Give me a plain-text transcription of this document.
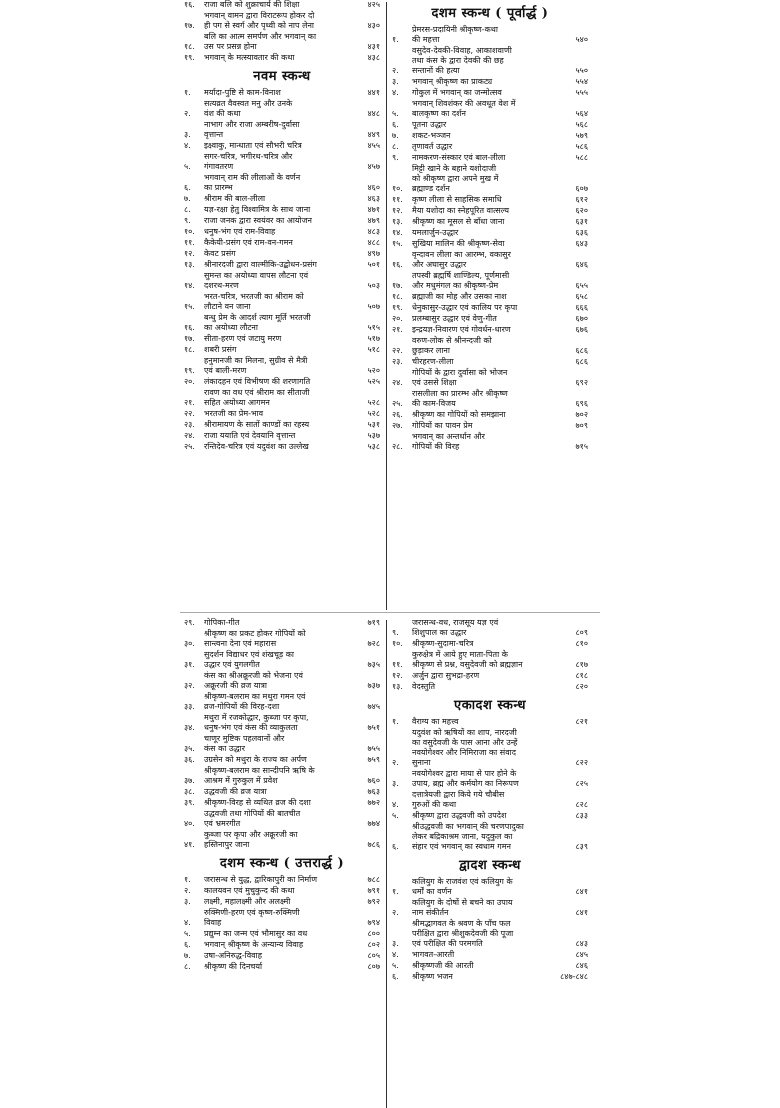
१६.	राजा बलि को शुक्राचार्य की शिक्षा	४२५
१७.
भगवान् वामन द्वारा विराटरूप होकर दो
ही पग से स्वर्ग और पृथ्वी को नाप लेना	४३०
१८.
बलि का आत्म समर्पण और भगवान् का
उस पर प्रसन्न होना	४३१
१९.	भगवान् के मत्स्यावतार की कथा	४३८
नवम स्कन्ध
१.	मर्यादा-पुष्टि से काम-विनाश	४४१
२.
सत्यव्रत वैवस्वत मनु और उनके
वंश की कथा	४४८
३.
नाभाग और राजा अम्बरीष-दुर्वासा
वृत्तान्त	४४९
४.	इक्ष्वाकु, मान्धाता एवं सौभरी चरित्र	४५५
५.
सगर-चरित्र, भगीरथ-चरित्र और
गंगावतरण	४५७
६.
भगवान् राम की लीलाओं के वर्णन
का प्रारम्भ	४६०
७.	श्रीराम की बाल-लीला	४६३
८.	यज्ञ-रक्षा हेतु विश्वामित्र के साथ जाना	४७१
९.	राजा जनक द्वारा स्वयंवर का आयोजन	४७९
१०.	धनुष-भंग एवं राम-विवाह	४८३
११.	कैकेयी-प्रसंग एवं राम-वन-गमन	४८८
१२.	केवट प्रसंग	४९७
१३.	श्रीनारदजी द्वारा वाल्मीकि-उद्बोधन-प्रसंग	५०१
१४.
सुमन्त का अयोध्या वापस लौटना एवं
दशरथ-मरण	५०३
१५.
भरत-चरित्र, भरतजी का श्रीराम को
लौटाने वन जाना	५०७
१६.
बन्धु प्रेम के आदर्श त्याग मूर्ति भरतजी
का अयोध्या लौटना	५१५
१७.	सीता-हरण एवं जटायु मरण	५१७
१८.	शबरी प्रसंग	५१८
१९.
हनुमानजी का मिलना, सुग्रीव से मैत्री
एवं बाली-मरण	५२०
२०.	लंकादहन एवं विभीषण की शरणागति	५२५
२१.
रावण का वध एवं श्रीराम का सीताजी
सहित अयोध्या आगमन	५२८
२२.	भरतजी का प्रेम-भाव	५२८
२३.	श्रीरामायण के सातों काण्डों का रहस्य	५३१
२४.	राजा ययाति एवं देवयानि वृत्तान्त	५३७
२५.	रन्तिदेव-चरित्र एवं यदुवंश का उल्लेख	५३८
दशम स्कन्ध ( पूर्वार्द्ध )
१.
प्रेमरस-प्रदायिनी श्रीकृष्ण-कथा
की महत्ता	५४०
२.
वसुदेव-देवकी-विवाह, आकाशवाणी
तथा कंस के द्वारा देवकी की छह
सन्तानों की हत्या	५५०
३.	भगवान् श्रीकृष्ण का प्राकट्य	५५४
४.	गोकुल में भगवान् का जन्मोत्सव	५५५
५.
भगवान् शिवशंकर की अवधूत वेश में
बालकृष्ण का दर्शन	५६४
६.	पूतना उद्धार	५६८
७.	शकट-भञ्जन	५७९
८.	तृणावर्त उद्धार	५८६
९.	नामकरण-संस्कार एवं बाल-लीला	५८८
१०.
मिट्टी खाने के बहाने यशोदाजी
को श्रीकृष्ण द्वारा अपने मुख में
ब्रह्माण्ड दर्शन	६०७
११.	कृष्ण लीला से साहसिक समाधि	६१२
१२.	मैया यशोदा का स्नेहपूरित वात्सल्य	६२०
१३.	श्रीकृष्ण का मूसल से बाँधा जाना	६३१
१४.	यमलार्जुन-उद्धार	६३६
१५.	सुखिया मालिन की श्रीकृष्ण-सेवा	६४३
१६.
वृन्दावन लीला का आरम्भ, वकासुर
और अघासुर उद्धार	६४६
१७.
तपस्वी ब्रह्मर्षि शाण्डिल्य, पूर्णमासी
और मधुमंगल का श्रीकृष्ण-प्रेम	६५५
१८.	ब्रह्माजी का मोह और उसका नाश	६५८
१९.	धेनुकासुर-उद्धार एवं कालिय पर कृपा	६६६
२०.	प्रलम्बासुर उद्धार एवं वेणु-गीत	६७०
२१.	इन्द्रयज्ञ-निवारण एवं गोवर्धन-धारण	६७६
२२.
वरुण-लोक से श्रीनन्दजी को
छुड़ाकर लाना	६८६
२३.	चीरहरण-लीला	६८६
२४.
गोपियों के द्वारा दुर्वासा को भोजन
एवं उससे शिक्षा	६९२
२५.
रासलीला का प्रारम्भ और श्रीकृष्ण
की काम-विजय	६९६
२६.	श्रीकृष्ण का गोपियों को समझाना	७०२
२७.	गोपियों का पावन प्रेम	७०९
२८.
भगवान् का अन्तर्धान और
गोपियों की विरह	७१५
२९.	गोपिका-गीत	७१९
३०.
श्रीकृष्ण का प्रकट होकर गोपियों को
सान्त्वना देना एवं महारास	७२८
३१.
सुदर्शन विद्याधर एवं शंखचूड़ का
उद्धार एवं युगलगीत	७३५
३२.
कंस का श्रीअक्रूरजी को भेजना एवं
अक्रूरजी की व्रज यात्रा	७३७
३३.
श्रीकृष्ण-बलराम का मथुरा गमन एवं
व्रज-गोपियों की विरह-दशा	७४५
३४.
मथुरा में रजकोद्धार, कुब्जा पर कृपा,
धनुष-भंग एवं कंस की व्याकुलता	७५१
३५.
चाणूर मुष्टिक पहलवानों और
कंस का उद्धार	७५५
३६.	उग्रसेन को मथुरा के राज्य का अर्पण	७५९
३७.
श्रीकृष्ण-बलराम का सान्दीपनि ऋषि के
आश्रम में गुरुकुल में प्रवेश	७६०
३८.	उद्धवजी की व्रज यात्रा	७६३
३९.	श्रीकृष्ण-विरह से व्यथित व्रज की दशा	७७२
४०.
उद्धवजी तथा गोपियों की बातचीत
एवं भ्रमरगीत	७७४
४१.
कुब्जा पर कृपा और अक्रूरजी का
हस्तिनापुर जाना	७८६
दशम स्कन्ध ( उत्तरार्द्ध )
१.	जरासन्ध से युद्ध, द्वारिकापुरी का निर्माण	७८८
२.	कालयवन एवं मुचुकुन्द की कथा	७९१
३.	लक्ष्मी, महालक्ष्मी और अलक्ष्मी	७९२
४.
रुक्मिणी-हरण एवं कृष्ण-रुक्मिणी
विवाह	७९४
५.	प्रद्युम्न का जन्म एवं भौमासुर का वध	८००
६.	भगवान् श्रीकृष्ण के अन्यान्य विवाह	८०२
७.	उषा-अनिरुद्ध-विवाह	८०५
८.	श्रीकृष्ण की दिनचर्या	८०७
९.
जरासन्ध-वध, राजसूय यज्ञ एवं
शिशुपाल का उद्धार	८०९
१०.	श्रीकृष्ण-सुदामा-चरित्र	८१०
११.
कुरुक्षेत्र में आये हुए माता-पिता के
श्रीकृष्ण से प्रश्न, वसुदेवजी को ब्रह्मज्ञान	८१७
१२.	अर्जुन द्वारा सुभद्रा-हरण	८१८
१३.	वेदस्तुति	८२०
एकादश स्कन्ध
१.	वैराग्य का महत्त्व	८२१
२.
यदुवंश को ऋषियों का शाप, नारदजी
का वसुदेवजी के पास आना और उन्हें
नवयोगेश्वर और निमिराजा का संवाद
सुनाना	८२२
३.
नवयोगेश्वर द्वारा माया से पार होने के
उपाय, ब्रह्म और कर्मयोग का निरूपण	८२५
४.
दत्तात्रेयजी द्वारा किये गये चौबीस
गुरुओं की कथा	८२८
५.	श्रीकृष्ण द्वारा उद्धवजी को उपदेश	८३३
६.
श्रीउद्धवजी का भगवान् की चरणपादुका
लेकर बद्रिकाश्रम जाना, यदुकुल का
संहार एवं भगवान् का स्वधाम गमन	८३९
द्वादश स्कन्ध
१.
कलियुग के राजवंश एवं कलियुग के
धर्मों का वर्णन	८४१
२.
कलियुग के दोषों से बचने का उपाय
नाम संकीर्तन	८४१
३.
श्रीमद्भागवत के श्रवण के पाँच फल
परीक्षित द्वारा श्रीशुकदेवजी की पूजा
एवं परीक्षित की परमगति	८४३
४.	भागवत-आरती	८४५
५.	श्रीकृष्णजी की आरती	८४६
६.	श्रीकृष्ण भजन	८४७-८४८
